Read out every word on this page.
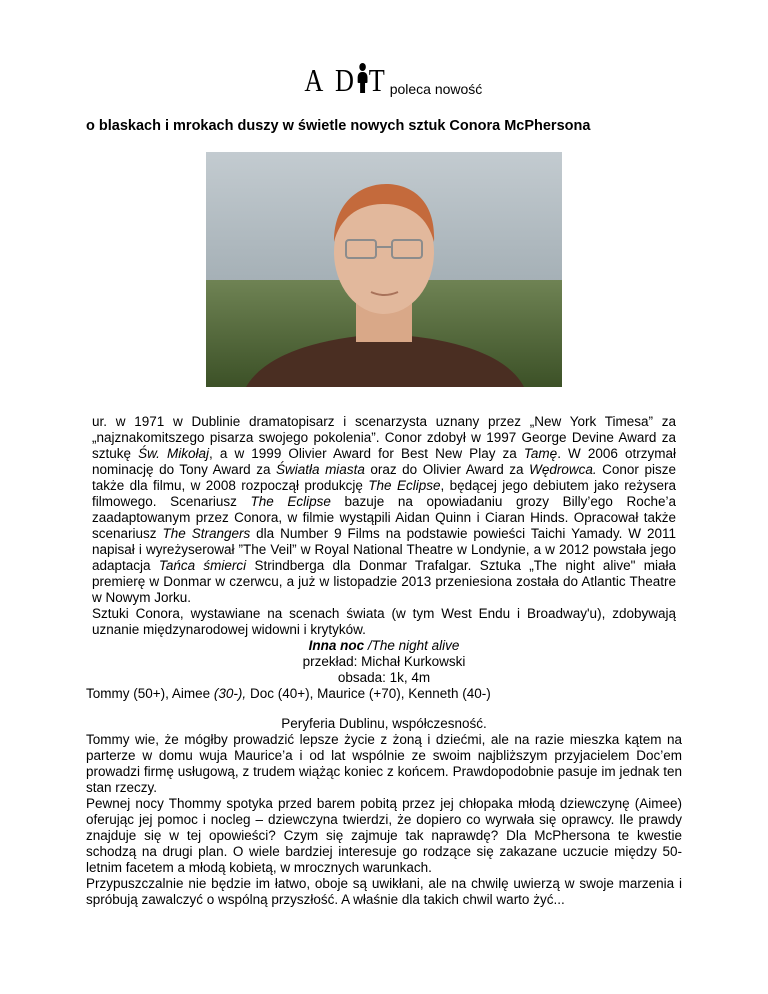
A D T poleca nowość
o blaskach i mrokach duszy w świetle nowych sztuk Conora McPhersona

ur. w 1971 w Dublinie dramatopisarz i scenarzysta uznany przez „New York Timesa” za „najznakomitszego pisarza swojego pokolenia”. Conor zdobył w 1997 George Devine Award za sztukę Św. Mikołaj, a w 1999 Olivier Award for Best New Play za Tamę. W 2006 otrzymał nominację do Tony Award za Światła miasta oraz do Olivier Award za Wędrowca. Conor pisze także dla filmu, w 2008 rozpoczął produkcję The Eclipse, będącej jego debiutem jako reżysera filmowego. Scenariusz The Eclipse bazuje na opowiadaniu grozy Billy’ego Roche’a zaadaptowanym przez Conora, w filmie wystąpili Aidan Quinn i Ciaran Hinds. Opracował także scenariusz The Strangers dla Number 9 Films na podstawie powieści Taichi Yamady. W 2011 napisał i wyreżyserował ”The Veil” w Royal National Theatre w Londynie, a w 2012 powstała jego adaptacja Tańca śmierci Strindberga dla Donmar Trafalgar. Sztuka „The night alive" miała premierę w Donmar w czerwcu, a już w listopadzie 2013 przeniesiona została do Atlantic Theatre w Nowym Jorku.

Sztuki Conora, wystawiane na scenach świata (w tym West Endu i Broadway'u), zdobywają uznanie międzynarodowej widowni i krytyków.

Inna noc /The night alive
przekład: Michał Kurkowski
obsada: 1k, 4m
Tommy (50+), Aimee (30-), Doc (40+), Maurice (+70), Kenneth (40-)

Peryferia Dublinu, współczesność.

Tommy wie, że mógłby prowadzić lepsze życie z żoną i dziećmi, ale na razie mieszka kątem na parterze w domu wuja Maurice’a i od lat wspólnie ze swoim najbliższym przyjacielem Doc’em prowadzi firmę usługową, z trudem wiążąc koniec z końcem. Prawdopodobnie pasuje im jednak ten stan rzeczy.

Pewnej nocy Thommy spotyka przed barem pobitą przez jej chłopaka młodą dziewczynę (Aimee) oferując jej pomoc i nocleg – dziewczyna twierdzi, że dopiero co wyrwała się oprawcy. Ile prawdy znajduje się w tej opowieści? Czym się zajmuje tak naprawdę? Dla McPhersona te kwestie schodzą na drugi plan. O wiele bardziej interesuje go rodzące się zakazane uczucie między 50-letnim facetem a młodą kobietą, w mrocznych warunkach.

Przypuszczalnie nie będzie im łatwo, oboje są uwikłani, ale na chwilę uwierzą w swoje marzenia i spróbują zawalczyć o wspólną przyszłość. A właśnie dla takich chwil warto żyć...
